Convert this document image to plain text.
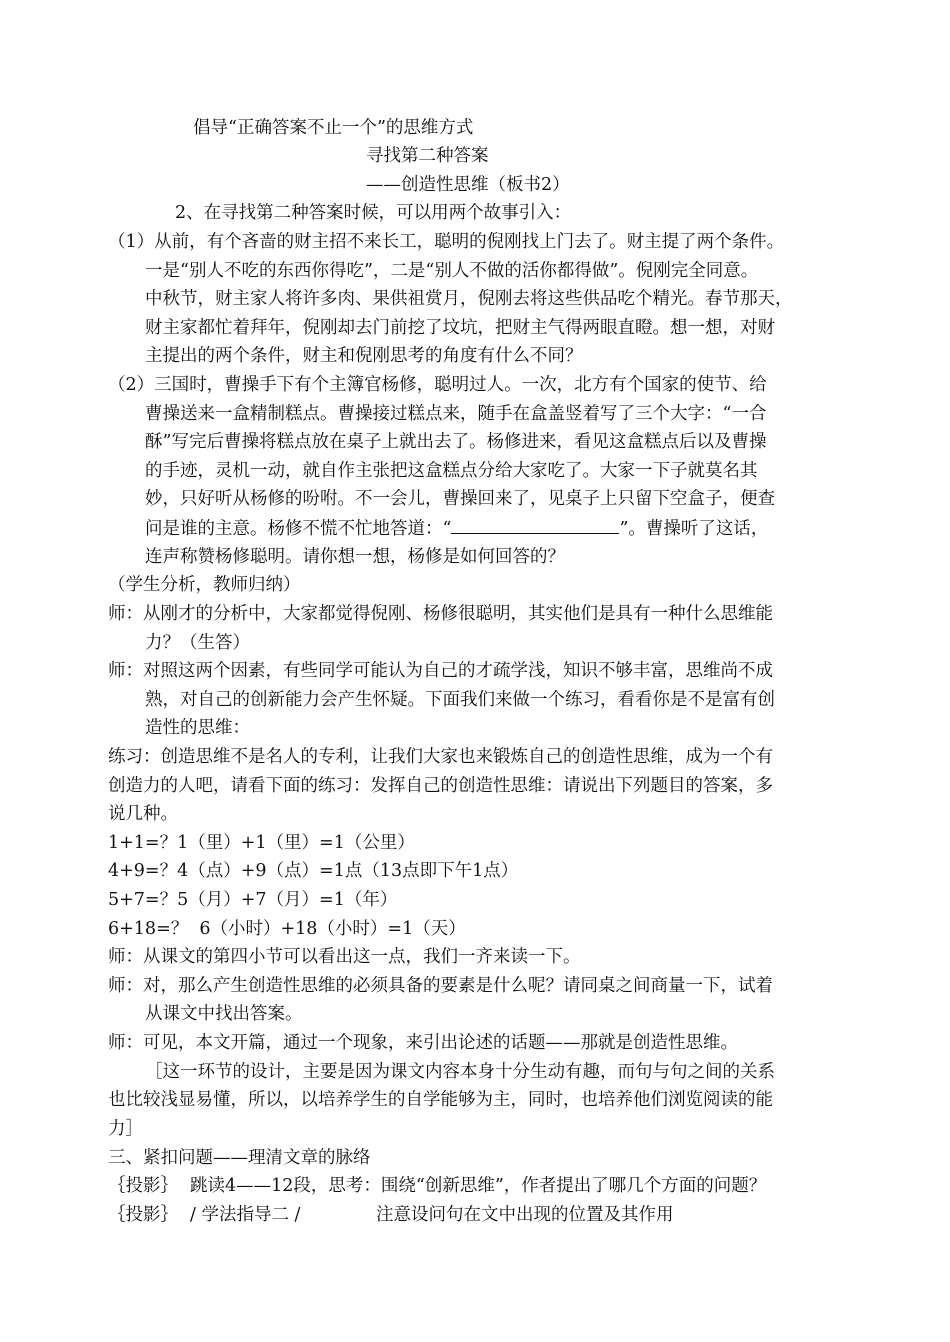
倡导“正确答案不止一个”的思维方式
寻找第二种答案
——创造性思维（板书2）
2、在寻找第二种答案时候，可以用两个故事引入：
（1）从前，有个吝啬的财主招不来长工，聪明的倪刚找上门去了。财主提了两个条件。
一是“别人不吃的东西你得吃”，二是“别人不做的活你都得做”。倪刚完全同意。
中秋节，财主家人将许多肉、果供祖赏月，倪刚去将这些供品吃个精光。春节那天，
财主家都忙着拜年，倪刚却去门前挖了坟坑，把财主气得两眼直瞪。想一想，对财
主提出的两个条件，财主和倪刚思考的角度有什么不同？
（2）三国时，曹操手下有个主簿官杨修，聪明过人。一次，北方有个国家的使节、给
曹操送来一盒精制糕点。曹操接过糕点来，随手在盒盖竖着写了三个大字：“一合
酥”写完后曹操将糕点放在桌子上就出去了。杨修进来，看见这盒糕点后以及曹操
的手迹，灵机一动，就自作主张把这盒糕点分给大家吃了。大家一下子就莫名其
妙，只好听从杨修的吩咐。不一会儿，曹操回来了，见桌子上只留下空盒子，便查
问是谁的主意。杨修不慌不忙地答道：“	”。曹操听了这话，
连声称赞杨修聪明。请你想一想，杨修是如何回答的？
（学生分析，教师归纳）
师：从刚才的分析中，大家都觉得倪刚、杨修很聪明，其实他们是具有一种什么思维能
力？（生答）
师：对照这两个因素，有些同学可能认为自己的才疏学浅，知识不够丰富，思维尚不成
熟，对自己的创新能力会产生怀疑。下面我们来做一个练习，看看你是不是富有创
造性的思维：
练习：创造思维不是名人的专利，让我们大家也来锻炼自己的创造性思维，成为一个有
创造力的人吧，请看下面的练习：发挥自己的创造性思维：请说出下列题目的答案，多
说几种。
1+1=？1（里）+1（里）=1（公里）
4+9=？4（点）+9（点）=1点（13点即下午1点）
5+7=？5（月）+7（月）=1（年）
6+18=？  6（小时）+18（小时）=1（天）
师：从课文的第四小节可以看出这一点，我们一齐来读一下。
师：对，那么产生创造性思维的必须具备的要素是什么呢？请同桌之间商量一下，试着
从课文中找出答案。
师：可见，本文开篇，通过一个现象，来引出论述的话题——那就是创造性思维。
［这一环节的设计，主要是因为课文内容本身十分生动有趣，而句与句之间的关系
也比较浅显易懂，所以，以培养学生的自学能够为主，同时，也培养他们浏览阅读的能
力］
三、紧扣问题——理清文章的脉络
｛投影｝ 跳读4——12段，思考：围绕“创新思维”，作者提出了哪几个方面的问题？
｛投影｝ / 学法指导二 /	注意设问句在文中出现的位置及其作用
